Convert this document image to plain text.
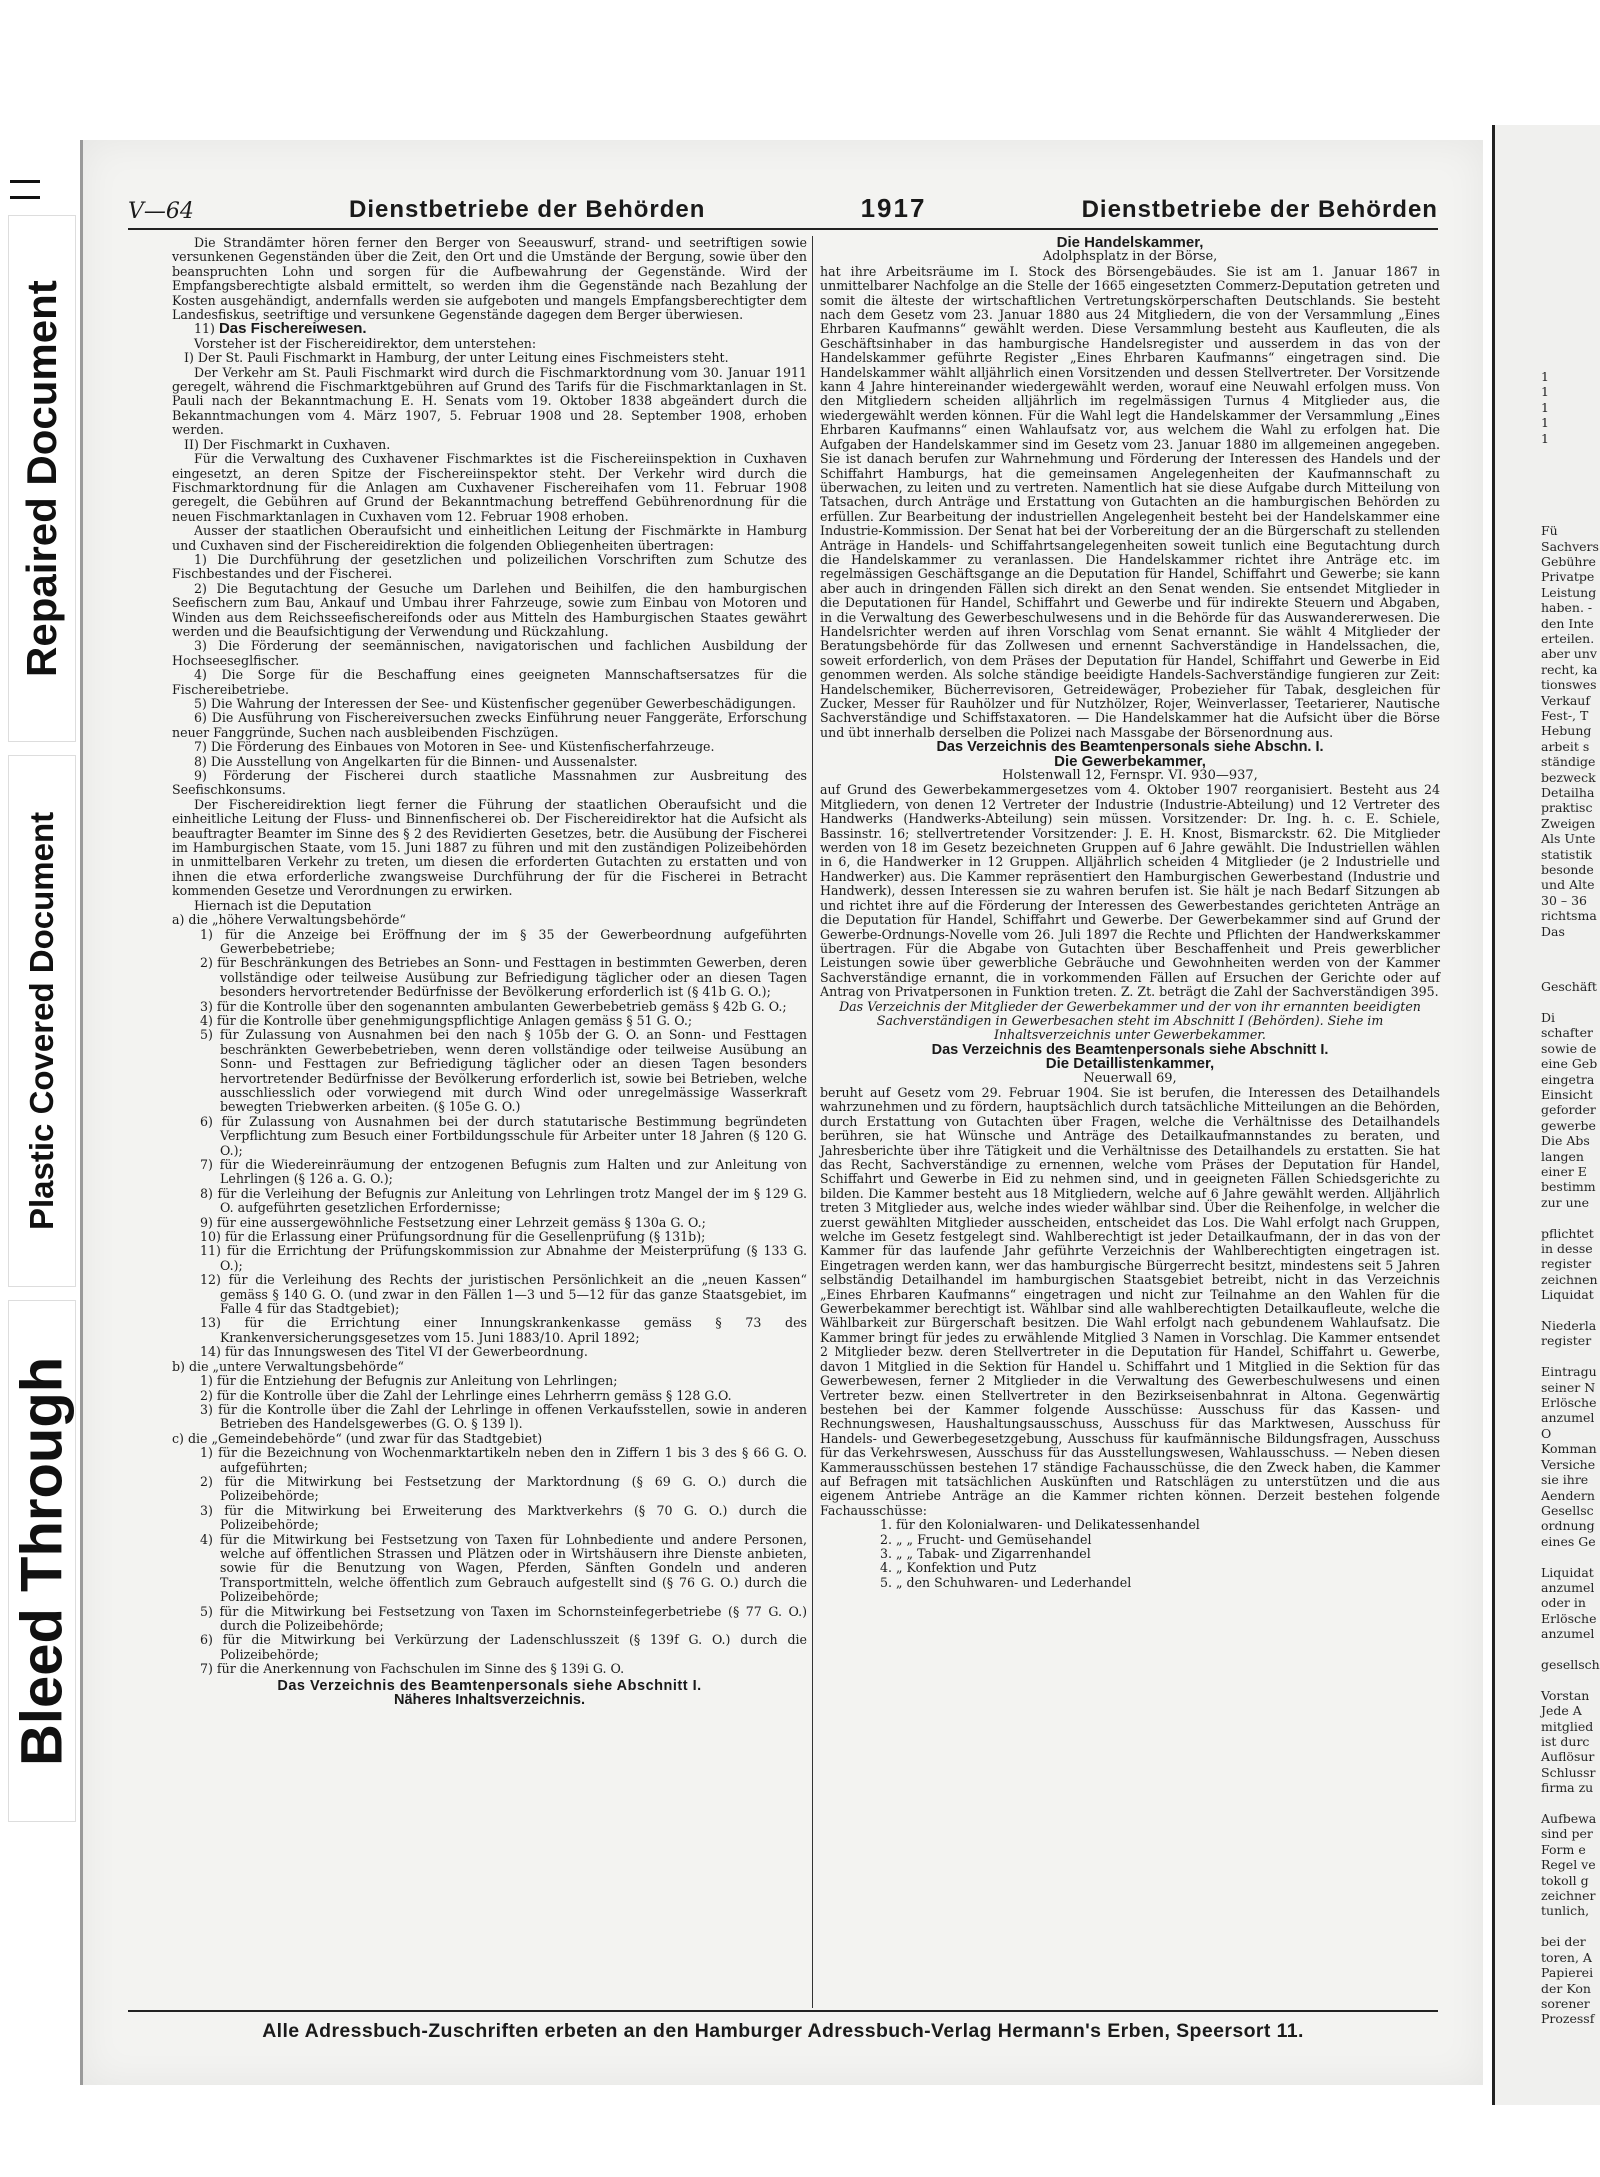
Repaired Document
Plastic Covered Document
Bleed Through

1
1
1
1
1

Fü
Sachvers
Gebühre
Privatpe
Leistung
haben. -
den Inte
erteilen.
aber unv
recht, ka
tionswes
Verkauf
Fest-, T
Hebung
arbeit s
ständige
bezweck
Detailha
praktisc
Zweigen
Als Unte
statistik
besonde
und Alte
30 – 36
richtsma
Das
Geschäft

Di
schafter
sowie de
eine Geb
eingetra
Einsicht
geforder
gewerbe
Die Abs
langen
einer E
bestimm
zur une

pflichtet
in desse
register
zeichnen
Liquidat

Niederla
register

Eintragu
seiner N
Erlösche
anzumel
O
Komman
Versiche
sie ihre
Aendern
Gesellsc
ordnung
eines Ge

Liquidat
anzumel
oder in
Erlösche
anzumel

gesellsch

Vorstan
Jede A
mitglied
ist durc
Auflösur
Schlussr
firma zu

Aufbewa
sind per
Form e
Regel ve
tokoll g
zeichner
tunlich,

bei der
toren, A
Papierei
der Kon
sorener
Prozessf
V—64	Dienstbetriebe der Behörden	1917	Dienstbetriebe der Behörden

Die Strandämter hören ferner den Berger von Seeauswurf, strand- und seetriftigen sowie versunkenen Gegenständen über die Zeit, den Ort und die Umstände der Bergung, sowie über den beanspruchten Lohn und sorgen für die Aufbewahrung der Gegenstände. Wird der Empfangsberechtigte alsbald ermittelt, so werden ihm die Gegenstände nach Bezahlung der Kosten ausgehändigt, andernfalls werden sie aufgeboten und mangels Empfangsberechtigter dem Landesfiskus, seetriftige und versunkene Gegenstände dagegen dem Berger überwiesen.

11) Das Fischereiwesen.

Vorsteher ist der Fischereidirektor, dem unterstehen:

I) Der St. Pauli Fischmarkt in Hamburg, der unter Leitung eines Fischmeisters steht.

Der Verkehr am St. Pauli Fischmarkt wird durch die Fischmarktordnung vom 30. Januar 1911 geregelt, während die Fischmarktgebühren auf Grund des Tarifs für die Fischmarktanlagen in St. Pauli nach der Bekanntmachung E. H. Senats vom 19. Oktober 1838 abgeändert durch die Bekanntmachungen vom 4. März 1907, 5. Februar 1908 und 28. September 1908, erhoben werden.

II) Der Fischmarkt in Cuxhaven.

Für die Verwaltung des Cuxhavener Fischmarktes ist die Fischereiinspektion in Cuxhaven eingesetzt, an deren Spitze der Fischereiinspektor steht. Der Verkehr wird durch die Fischmarktordnung für die Anlagen am Cuxhavener Fischereihafen vom 11. Februar 1908 geregelt, die Gebühren auf Grund der Bekanntmachung betreffend Gebührenordnung für die neuen Fischmarktanlagen in Cuxhaven vom 12. Februar 1908 erhoben.

Ausser der staatlichen Oberaufsicht und einheitlichen Leitung der Fischmärkte in Hamburg und Cuxhaven sind der Fischereidirektion die folgenden Obliegenheiten übertragen:

1) Die Durchführung der gesetzlichen und polizeilichen Vorschriften zum Schutze des Fischbestandes und der Fischerei.

2) Die Begutachtung der Gesuche um Darlehen und Beihilfen, die den hamburgischen Seefischern zum Bau, Ankauf und Umbau ihrer Fahrzeuge, sowie zum Einbau von Motoren und Winden aus dem Reichsseefischereifonds oder aus Mitteln des Hamburgischen Staates gewährt werden und die Beaufsichtigung der Verwendung und Rückzahlung.

3) Die Förderung der seemännischen, navigatorischen und fachlichen Ausbildung der Hochseeseglfischer.

4) Die Sorge für die Beschaffung eines geeigneten Mannschaftsersatzes für die Fischereibetriebe.

5) Die Wahrung der Interessen der See- und Küstenfischer gegenüber Gewerbeschädigungen.

6) Die Ausführung von Fischereiversuchen zwecks Einführung neuer Fanggeräte, Erforschung neuer Fanggründe, Suchen nach ausbleibenden Fischzügen.

7) Die Förderung des Einbaues von Motoren in See- und Küstenfischerfahrzeuge.

8) Die Ausstellung von Angelkarten für die Binnen- und Aussenalster.

9) Förderung der Fischerei durch staatliche Massnahmen zur Ausbreitung des Seefischkonsums.

Der Fischereidirektion liegt ferner die Führung der staatlichen Oberaufsicht und die einheitliche Leitung der Fluss- und Binnenfischerei ob. Der Fischereidirektor hat die Aufsicht als beauftragter Beamter im Sinne des § 2 des Revidierten Gesetzes, betr. die Ausübung der Fischerei im Hamburgischen Staate, vom 15. Juni 1887 zu führen und mit den zuständigen Polizeibehörden in unmittelbaren Verkehr zu treten, um diesen die erforderten Gutachten zu erstatten und von ihnen die etwa erforderliche zwangsweise Durchführung der für die Fischerei in Betracht kommenden Gesetze und Verordnungen zu erwirken.

Hiernach ist die Deputation

a) die „höhere Verwaltungsbehörde“

1) für die Anzeige bei Eröffnung der im § 35 der Gewerbeordnung aufgeführten Gewerbebetriebe;

2) für Beschränkungen des Betriebes an Sonn- und Festtagen in bestimmten Gewerben, deren vollständige oder teilweise Ausübung zur Befriedigung täglicher oder an diesen Tagen besonders hervortretender Bedürfnisse der Bevölkerung erforderlich ist (§ 41b G. O.);

3) für die Kontrolle über den sogenannten ambulanten Gewerbebetrieb gemäss § 42b G. O.;

4) für die Kontrolle über genehmigungspflichtige Anlagen gemäss § 51 G. O.;

5) für Zulassung von Ausnahmen bei den nach § 105b der G. O. an Sonn- und Festtagen beschränkten Gewerbebetrieben, wenn deren vollständige oder teilweise Ausübung an Sonn- und Festtagen zur Befriedigung täglicher oder an diesen Tagen besonders hervortretender Bedürfnisse der Bevölkerung erforderlich ist, sowie bei Betrieben, welche ausschliesslich oder vorwiegend mit durch Wind oder unregelmässige Wasserkraft bewegten Triebwerken arbeiten. (§ 105e G. O.)

6) für Zulassung von Ausnahmen bei der durch statutarische Bestimmung begründeten Verpflichtung zum Besuch einer Fortbildungsschule für Arbeiter unter 18 Jahren (§ 120 G. O.);

7) für die Wiedereinräumung der entzogenen Befugnis zum Halten und zur Anleitung von Lehrlingen (§ 126 a. G. O.);

8) für die Verleihung der Befugnis zur Anleitung von Lehrlingen trotz Mangel der im § 129 G. O. aufgeführten gesetzlichen Erfordernisse;

9) für eine aussergewöhnliche Festsetzung einer Lehrzeit gemäss § 130a G. O.;

10) für die Erlassung einer Prüfungsordnung für die Gesellenprüfung (§ 131b);

11) für die Errichtung der Prüfungskommission zur Abnahme der Meisterprüfung (§ 133 G. O.);

12) für die Verleihung des Rechts der juristischen Persönlichkeit an die „neuen Kassen“ gemäss § 140 G. O. (und zwar in den Fällen 1—3 und 5—12 für das ganze Staatsgebiet, im Falle 4 für das Stadtgebiet);

13) für die Errichtung einer Innungskrankenkasse gemäss § 73 des Krankenversicherungsgesetzes vom 15. Juni 1883/10. April 1892;

14) für das Innungswesen des Titel VI der Gewerbeordnung.

b) die „untere Verwaltungsbehörde“

1) für die Entziehung der Befugnis zur Anleitung von Lehrlingen;

2) für die Kontrolle über die Zahl der Lehrlinge eines Lehrherrn gemäss § 128 G.O.

3) für die Kontrolle über die Zahl der Lehrlinge in offenen Verkaufsstellen, sowie in anderen Betrieben des Handelsgewerbes (G. O. § 139 l).

c) die „Gemeindebehörde“ (und zwar für das Stadtgebiet)

1) für die Bezeichnung von Wochenmarktartikeln neben den in Ziffern 1 bis 3 des § 66 G. O. aufgeführten;

2) für die Mitwirkung bei Festsetzung der Marktordnung (§ 69 G. O.) durch die Polizeibehörde;

3) für die Mitwirkung bei Erweiterung des Marktverkehrs (§ 70 G. O.) durch die Polizeibehörde;

4) für die Mitwirkung bei Festsetzung von Taxen für Lohnbediente und andere Personen, welche auf öffentlichen Strassen und Plätzen oder in Wirtshäusern ihre Dienste anbieten, sowie für die Benutzung von Wagen, Pferden, Sänften Gondeln und anderen Transportmitteln, welche öffentlich zum Gebrauch aufgestellt sind (§ 76 G. O.) durch die Polizeibehörde;

5) für die Mitwirkung bei Festsetzung von Taxen im Schornsteinfegerbetriebe (§ 77 G. O.) durch die Polizeibehörde;

6) für die Mitwirkung bei Verkürzung der Ladenschlusszeit (§ 139f G. O.) durch die Polizeibehörde;

7) für die Anerkennung von Fachschulen im Sinne des § 139i G. O.

Das Verzeichnis des Beamtenpersonals siehe Abschnitt I.

Näheres Inhaltsverzeichnis.

Die Handelskammer,

Adolphsplatz in der Börse,

hat ihre Arbeitsräume im I. Stock des Börsengebäudes. Sie ist am 1. Januar 1867 in unmittelbarer Nachfolge an die Stelle der 1665 eingesetzten Commerz-Deputation getreten und somit die älteste der wirtschaftlichen Vertretungskörperschaften Deutschlands. Sie besteht nach dem Gesetz vom 23. Januar 1880 aus 24 Mitgliedern, die von der Versammlung „Eines Ehrbaren Kaufmanns“ gewählt werden. Diese Versammlung besteht aus Kaufleuten, die als Geschäftsinhaber in das hamburgische Handelsregister und ausserdem in das von der Handelskammer geführte Register „Eines Ehrbaren Kaufmanns“ eingetragen sind. Die Handelskammer wählt alljährlich einen Vorsitzenden und dessen Stellvertreter. Der Vorsitzende kann 4 Jahre hintereinander wiedergewählt werden, worauf eine Neuwahl erfolgen muss. Von den Mitgliedern scheiden alljährlich im regelmässigen Turnus 4 Mitglieder aus, die wiedergewählt werden können. Für die Wahl legt die Handelskammer der Versammlung „Eines Ehrbaren Kaufmanns“ einen Wahlaufsatz vor, aus welchem die Wahl zu erfolgen hat. Die Aufgaben der Handelskammer sind im Gesetz vom 23. Januar 1880 im allgemeinen angegeben. Sie ist danach berufen zur Wahrnehmung und Förderung der Interessen des Handels und der Schiffahrt Hamburgs, hat die gemeinsamen Angelegenheiten der Kaufmannschaft zu überwachen, zu leiten und zu vertreten. Namentlich hat sie diese Aufgabe durch Mitteilung von Tatsachen, durch Anträge und Erstattung von Gutachten an die hamburgischen Behörden zu erfüllen. Zur Bearbeitung der industriellen Angelegenheit besteht bei der Handelskammer eine Industrie-Kommission. Der Senat hat bei der Vorbereitung der an die Bürgerschaft zu stellenden Anträge in Handels- und Schiffahrtsangelegenheiten soweit tunlich eine Begutachtung durch die Handelskammer zu veranlassen. Die Handelskammer richtet ihre Anträge etc. im regelmässigen Geschäftsgange an die Deputation für Handel, Schiffahrt und Gewerbe; sie kann aber auch in dringenden Fällen sich direkt an den Senat wenden. Sie entsendet Mitglieder in die Deputationen für Handel, Schiffahrt und Gewerbe und für indirekte Steuern und Abgaben, in die Verwaltung des Gewerbeschulwesens und in die Behörde für das Auswandererwesen. Die Handelsrichter werden auf ihren Vorschlag vom Senat ernannt. Sie wählt 4 Mitglieder der Beratungsbehörde für das Zollwesen und ernennt Sachverständige in Handelssachen, die, soweit erforderlich, von dem Präses der Deputation für Handel, Schiffahrt und Gewerbe in Eid genommen werden. Als solche ständige beeidigte Handels-Sachverständige fungieren zur Zeit: Handelschemiker, Bücherrevisoren, Getreidewäger, Probezieher für Tabak, desgleichen für Zucker, Messer für Rauhölzer und für Nutzhölzer, Rojer, Weinverlasser, Teetarierer, Nautische Sachverständige und Schiffstaxatoren. — Die Handelskammer hat die Aufsicht über die Börse und übt innerhalb derselben die Polizei nach Massgabe der Börsenordnung aus.

Das Verzeichnis des Beamtenpersonals siehe Abschn. I.

Die Gewerbekammer,

Holstenwall 12, Fernspr. VI. 930—937,

auf Grund des Gewerbekammergesetzes vom 4. Oktober 1907 reorganisiert. Besteht aus 24 Mitgliedern, von denen 12 Vertreter der Industrie (Industrie-Abteilung) und 12 Vertreter des Handwerks (Handwerks-Abteilung) sein müssen. Vorsitzender: Dr. Ing. h. c. E. Schiele, Bassinstr. 16; stellvertretender Vorsitzender: J. E. H. Knost, Bismarckstr. 62. Die Mitglieder werden von 18 im Gesetz bezeichneten Gruppen auf 6 Jahre gewählt. Die Industriellen wählen in 6, die Handwerker in 12 Gruppen. Alljährlich scheiden 4 Mitglieder (je 2 Industrielle und Handwerker) aus. Die Kammer repräsentiert den Hamburgischen Gewerbestand (Industrie und Handwerk), dessen Interessen sie zu wahren berufen ist. Sie hält je nach Bedarf Sitzungen ab und richtet ihre auf die Förderung der Interessen des Gewerbestandes gerichteten Anträge an die Deputation für Handel, Schiffahrt und Gewerbe. Der Gewerbekammer sind auf Grund der Gewerbe-Ordnungs-Novelle vom 26. Juli 1897 die Rechte und Pflichten der Handwerkskammer übertragen. Für die Abgabe von Gutachten über Beschaffenheit und Preis gewerblicher Leistungen sowie über gewerbliche Gebräuche und Gewohnheiten werden von der Kammer Sachverständige ernannt, die in vorkommenden Fällen auf Ersuchen der Gerichte oder auf Antrag von Privatpersonen in Funktion treten. Z. Zt. beträgt die Zahl der Sachverständigen 395.

Das Verzeichnis der Mitglieder der Gewerbekammer und der von ihr ernannten beeidigten Sachverständigen in Gewerbesachen steht im Abschnitt I (Behörden). Siehe im Inhaltsverzeichnis unter Gewerbekammer.

Das Verzeichnis des Beamtenpersonals siehe Abschnitt I.

Die Detaillistenkammer,

Neuerwall 69,

beruht auf Gesetz vom 29. Februar 1904. Sie ist berufen, die Interessen des Detailhandels wahrzunehmen und zu fördern, hauptsächlich durch tatsächliche Mitteilungen an die Behörden, durch Erstattung von Gutachten über Fragen, welche die Verhältnisse des Detailhandels berühren, sie hat Wünsche und Anträge des Detailkaufmannstandes zu beraten, und Jahresberichte über ihre Tätigkeit und die Verhältnisse des Detailhandels zu erstatten. Sie hat das Recht, Sachverständige zu ernennen, welche vom Präses der Deputation für Handel, Schiffahrt und Gewerbe in Eid zu nehmen sind, und in geeigneten Fällen Schiedsgerichte zu bilden. Die Kammer besteht aus 18 Mitgliedern, welche auf 6 Jahre gewählt werden. Alljährlich treten 3 Mitglieder aus, welche indes wieder wählbar sind. Über die Reihenfolge, in welcher die zuerst gewählten Mitglieder ausscheiden, entscheidet das Los. Die Wahl erfolgt nach Gruppen, welche im Gesetz festgelegt sind. Wahlberechtigt ist jeder Detailkaufmann, der in das von der Kammer für das laufende Jahr geführte Verzeichnis der Wahlberechtigten eingetragen ist. Eingetragen werden kann, wer das hamburgische Bürgerrecht besitzt, mindestens seit 5 Jahren selbständig Detailhandel im hamburgischen Staatsgebiet betreibt, nicht in das Verzeichnis „Eines Ehrbaren Kaufmanns“ eingetragen und nicht zur Teilnahme an den Wahlen für die Gewerbekammer berechtigt ist. Wählbar sind alle wahlberechtigten Detailkaufleute, welche die Wählbarkeit zur Bürgerschaft besitzen. Die Wahl erfolgt nach gebundenem Wahlaufsatz. Die Kammer bringt für jedes zu erwählende Mitglied 3 Namen in Vorschlag. Die Kammer entsendet 2 Mitglieder bezw. deren Stellvertreter in die Deputation für Handel, Schiffahrt u. Gewerbe, davon 1 Mitglied in die Sektion für Handel u. Schiffahrt und 1 Mitglied in die Sektion für das Gewerbewesen, ferner 2 Mitglieder in die Verwaltung des Gewerbeschulwesens und einen Vertreter bezw. einen Stellvertreter in den Bezirkseisenbahnrat in Altona. Gegenwärtig bestehen bei der Kammer folgende Ausschüsse: Ausschuss für das Kassen- und Rechnungswesen, Haushaltungsausschuss, Ausschuss für das Marktwesen, Ausschuss für Handels- und Gewerbegesetzgebung, Ausschuss für kaufmännische Bildungsfragen, Ausschuss für das Verkehrswesen, Ausschuss für das Ausstellungswesen, Wahlausschuss. — Neben diesen Kammerausschüssen bestehen 17 ständige Fachausschüsse, die den Zweck haben, die Kammer auf Befragen mit tatsächlichen Auskünften und Ratschlägen zu unterstützen und die aus eigenem Antriebe Anträge an die Kammer richten können. Derzeit bestehen folgende Fachausschüsse:

1. für den Kolonialwaren- und Delikatessenhandel

2. „ „ Frucht- und Gemüsehandel

3. „ „ Tabak- und Zigarrenhandel

4. „ Konfektion und Putz

5. „ den Schuhwaren- und Lederhandel

Alle Adressbuch-Zuschriften erbeten an den Hamburger Adressbuch-Verlag Hermann's Erben, Speersort 11.
